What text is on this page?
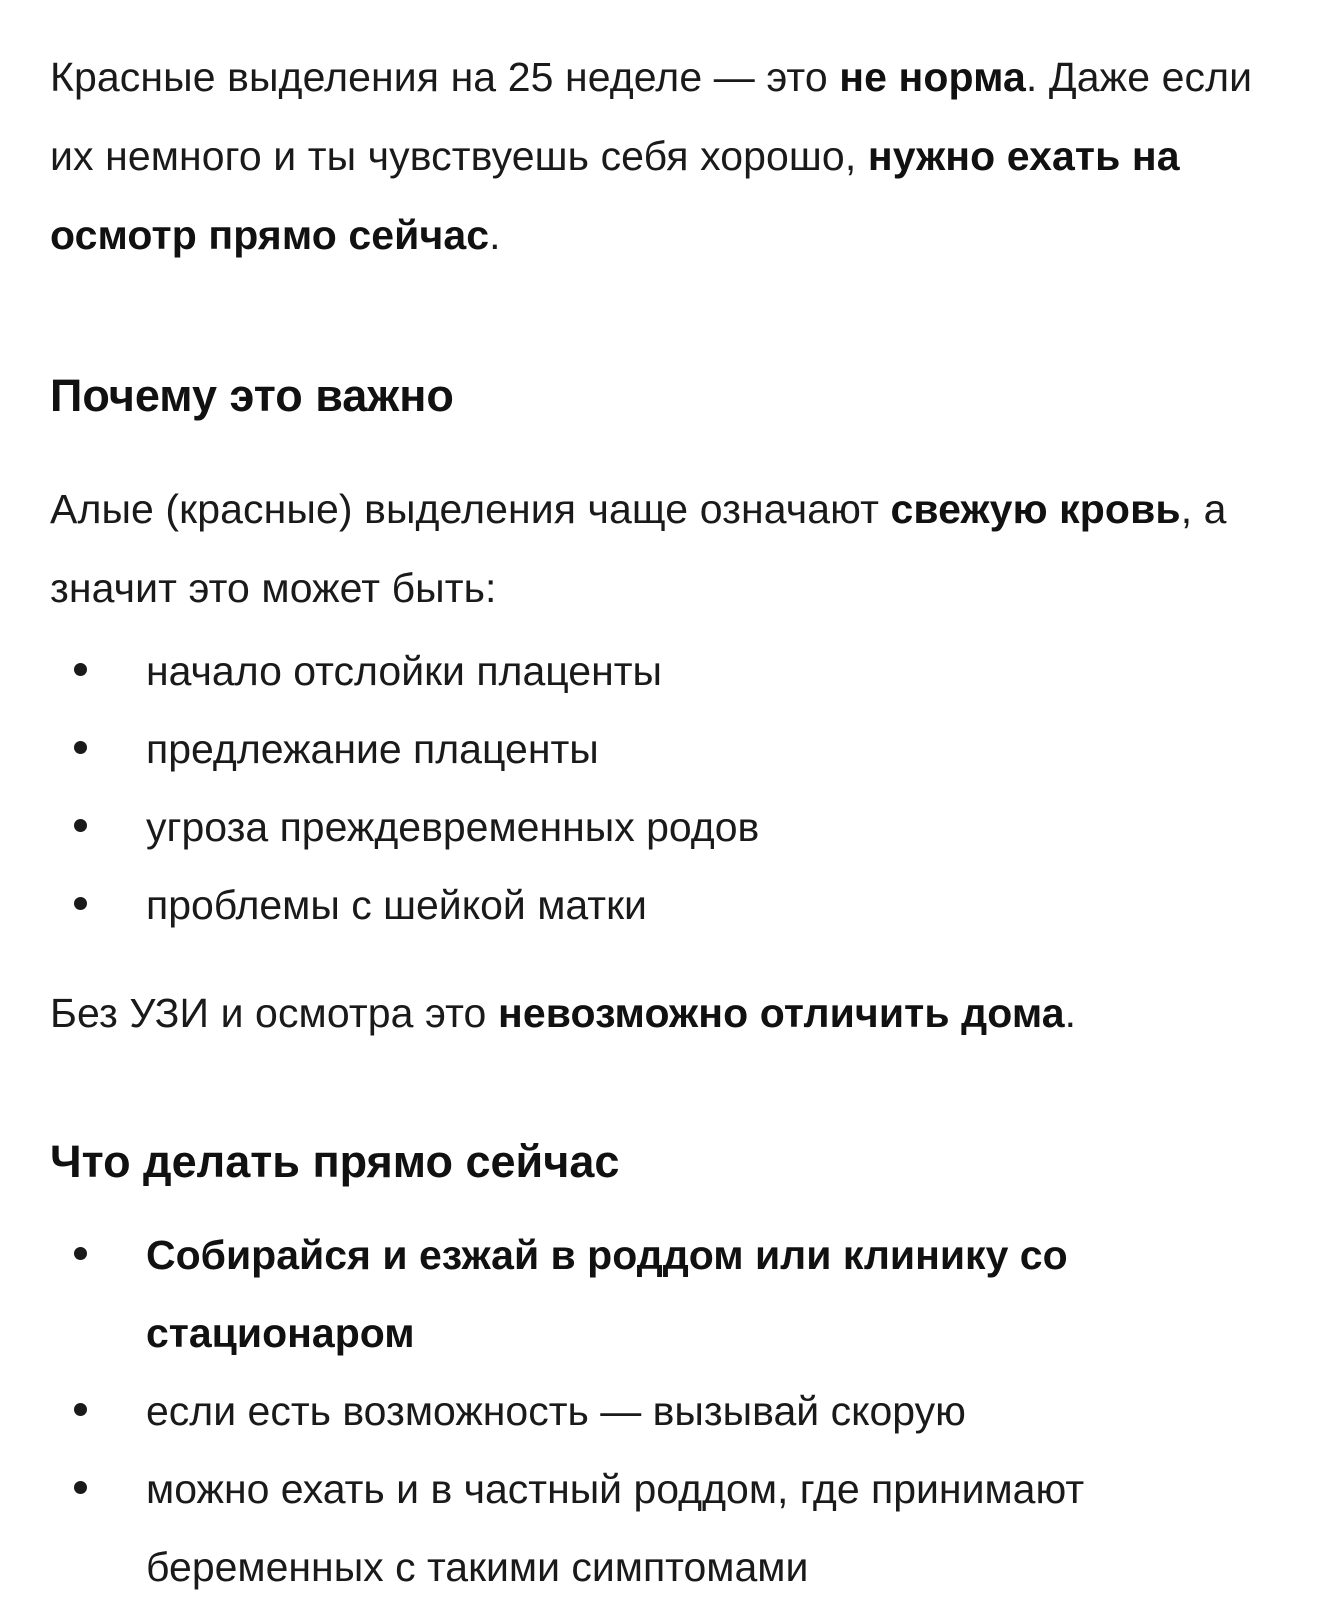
Красные выделения на 25 неделе — это не норма. Даже если их немного и ты чувствуешь себя хорошо, нужно ехать на осмотр прямо сейчас.

Почему это важно

Алые (красные) выделения чаще означают свежую кровь, а значит это может быть:

начало отслойки плаценты
предлежание плаценты
угроза преждевременных родов
проблемы с шейкой матки

Без УЗИ и осмотра это невозможно отличить дома.

Что делать прямо сейчас
Собирайся и езжай в роддом или клинику со стационаром
если есть возможность — вызывай скорую
можно ехать и в частный роддом, где принимают беременных с такими симптомами
